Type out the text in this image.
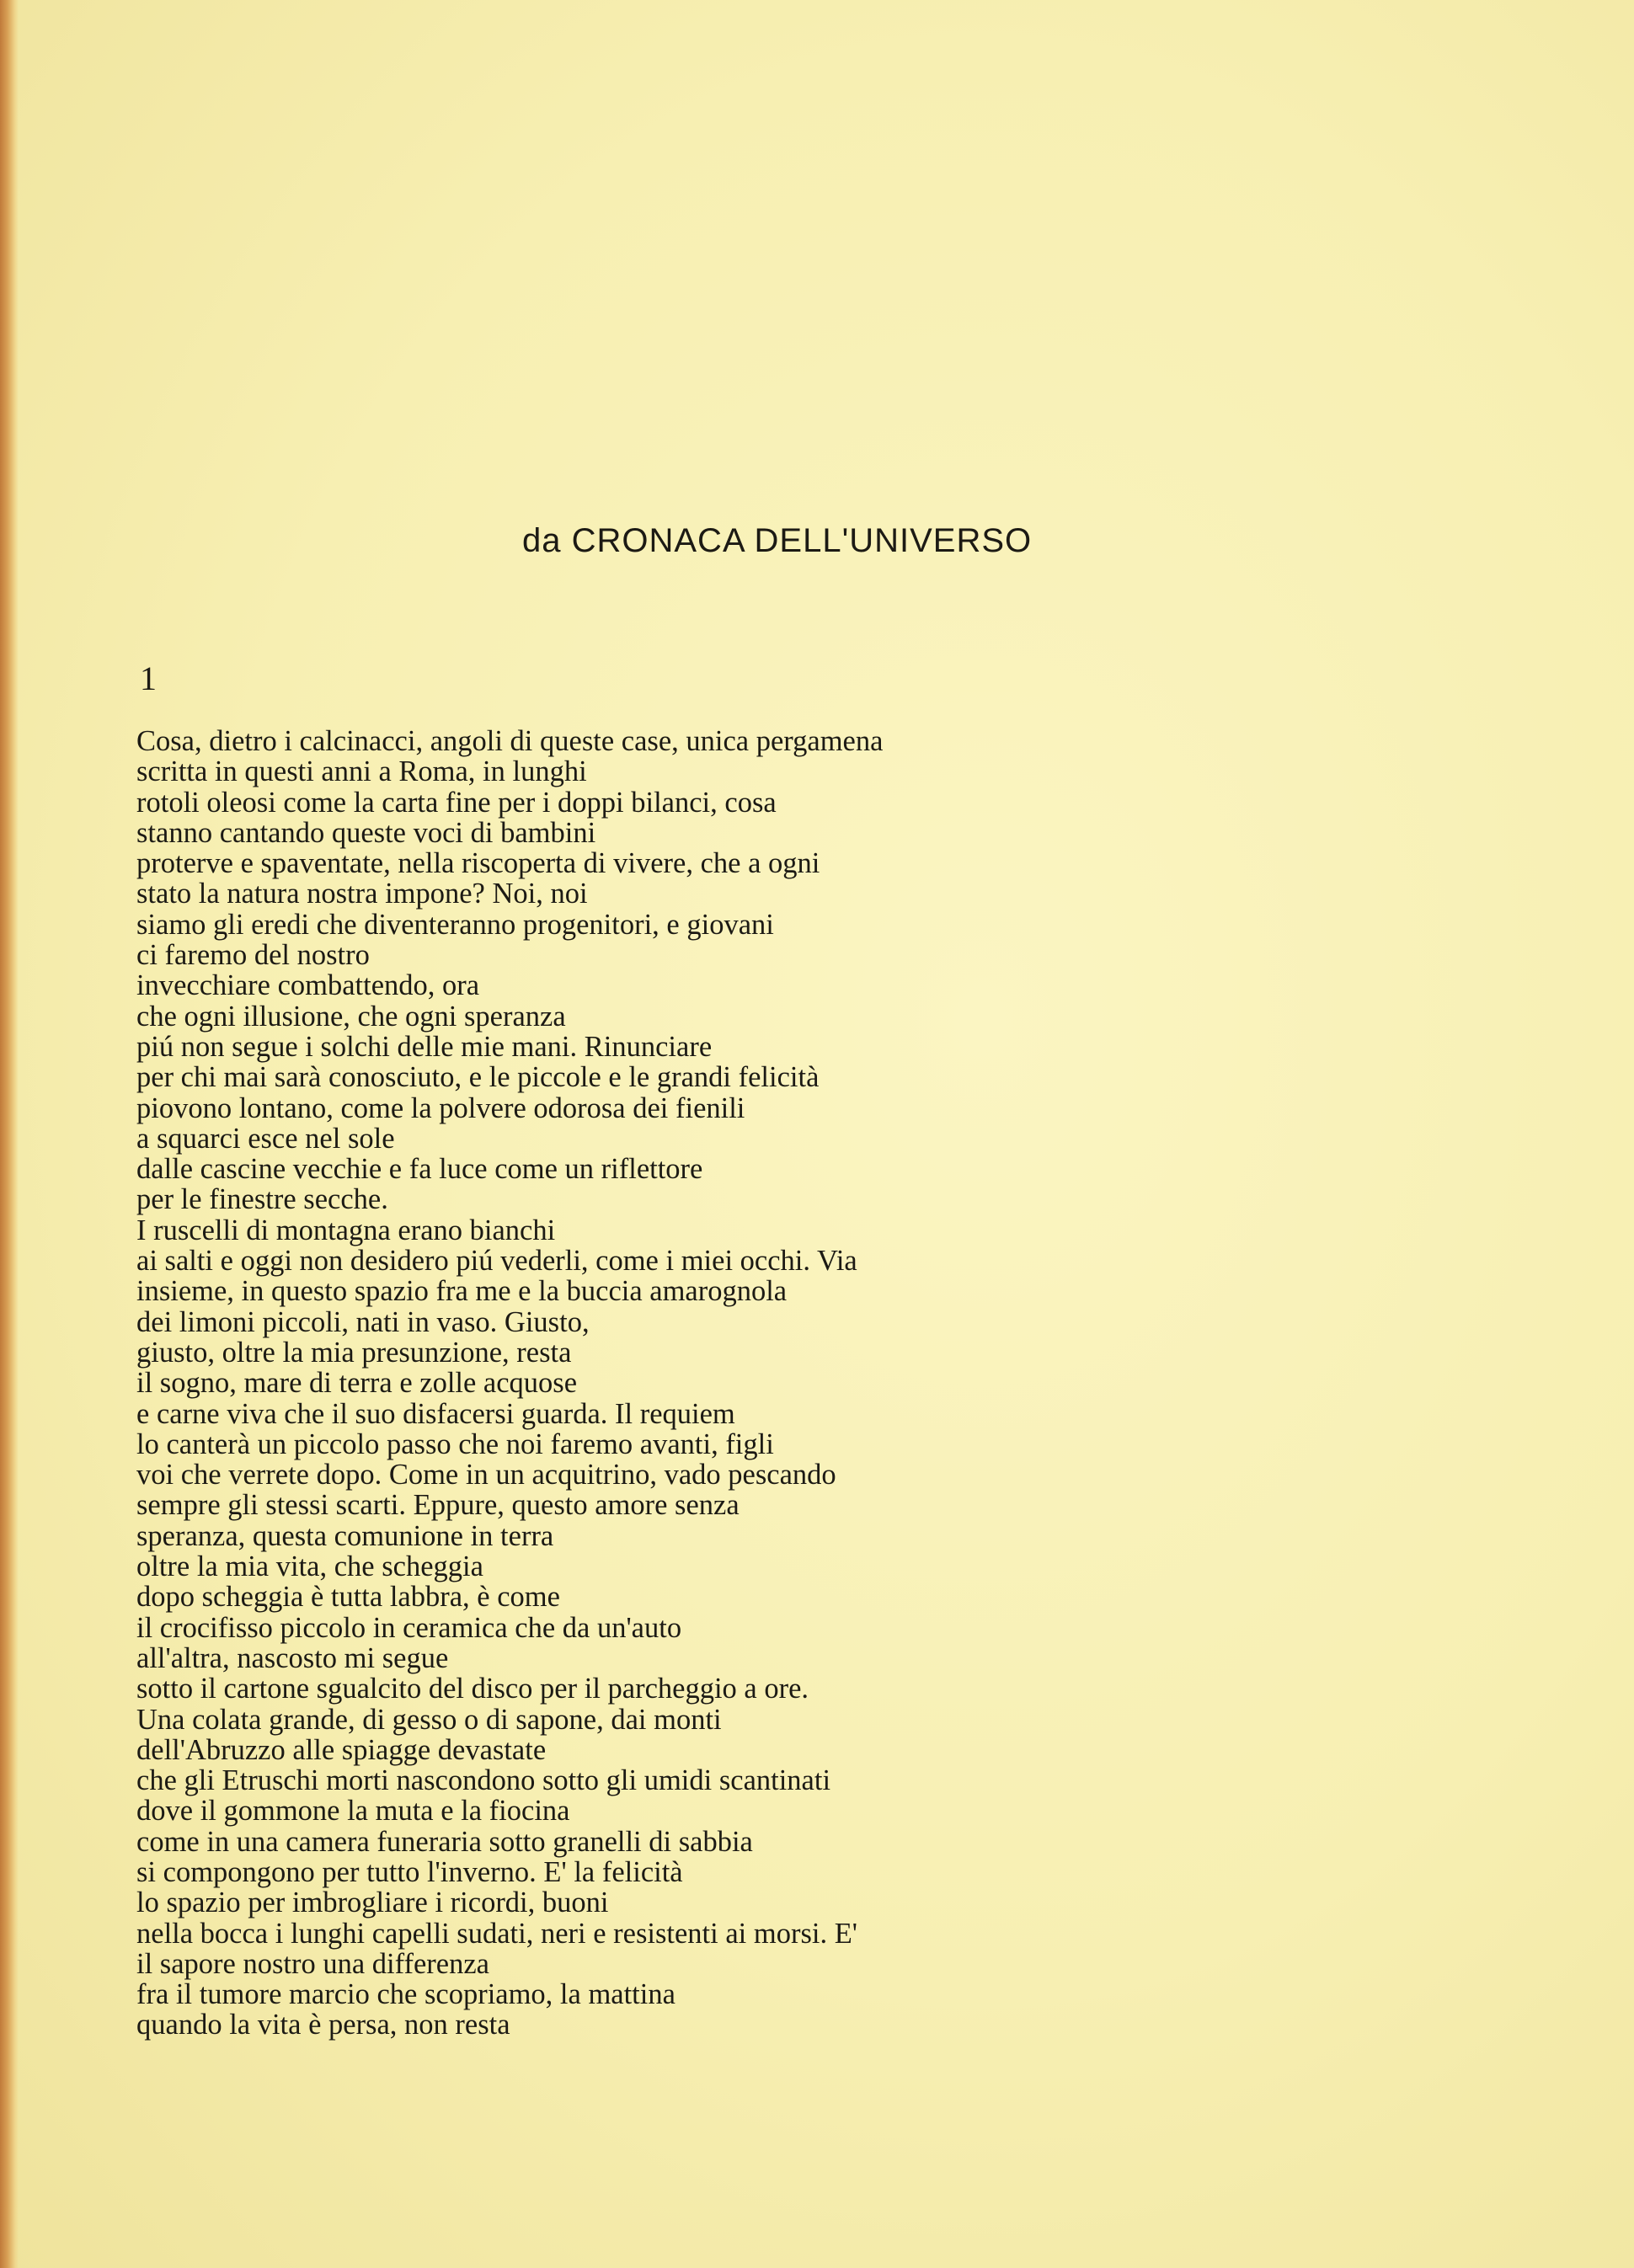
da CRONACA DELL'UNIVERSO
1
Cosa, dietro i calcinacci, angoli di queste case, unica pergamena
scritta in questi anni a Roma, in lunghi
rotoli oleosi come la carta fine per i doppi bilanci, cosa
stanno cantando queste voci di bambini
proterve e spaventate, nella riscoperta di vivere, che a ogni
stato la natura nostra impone? Noi, noi
siamo gli eredi che diventeranno progenitori, e giovani
ci faremo del nostro
invecchiare combattendo, ora
che ogni illusione, che ogni speranza
piú non segue i solchi delle mie mani. Rinunciare
per chi mai sarà conosciuto, e le piccole e le grandi felicità
piovono lontano, come la polvere odorosa dei fienili
a squarci esce nel sole
dalle cascine vecchie e fa luce come un riflettore
per le finestre secche.
I ruscelli di montagna erano bianchi
ai salti e oggi non desidero piú vederli, come i miei occhi. Via
insieme, in questo spazio fra me e la buccia amarognola
dei limoni piccoli, nati in vaso. Giusto,
giusto, oltre la mia presunzione, resta
il sogno, mare di terra e zolle acquose
e carne viva che il suo disfacersi guarda. Il requiem
lo canterà un piccolo passo che noi faremo avanti, figli
voi che verrete dopo. Come in un acquitrino, vado pescando
sempre gli stessi scarti. Eppure, questo amore senza
speranza, questa comunione in terra
oltre la mia vita, che scheggia
dopo scheggia è tutta labbra, è come
il crocifisso piccolo in ceramica che da un'auto
all'altra, nascosto mi segue
sotto il cartone sgualcito del disco per il parcheggio a ore.
Una colata grande, di gesso o di sapone, dai monti
dell'Abruzzo alle spiagge devastate
che gli Etruschi morti nascondono sotto gli umidi scantinati
dove il gommone la muta e la fiocina
come in una camera funeraria sotto granelli di sabbia
si compongono per tutto l'inverno. E' la felicità
lo spazio per imbrogliare i ricordi, buoni
nella bocca i lunghi capelli sudati, neri e resistenti ai morsi. E'
il sapore nostro una differenza
fra il tumore marcio che scopriamo, la mattina
quando la vita è persa, non resta
